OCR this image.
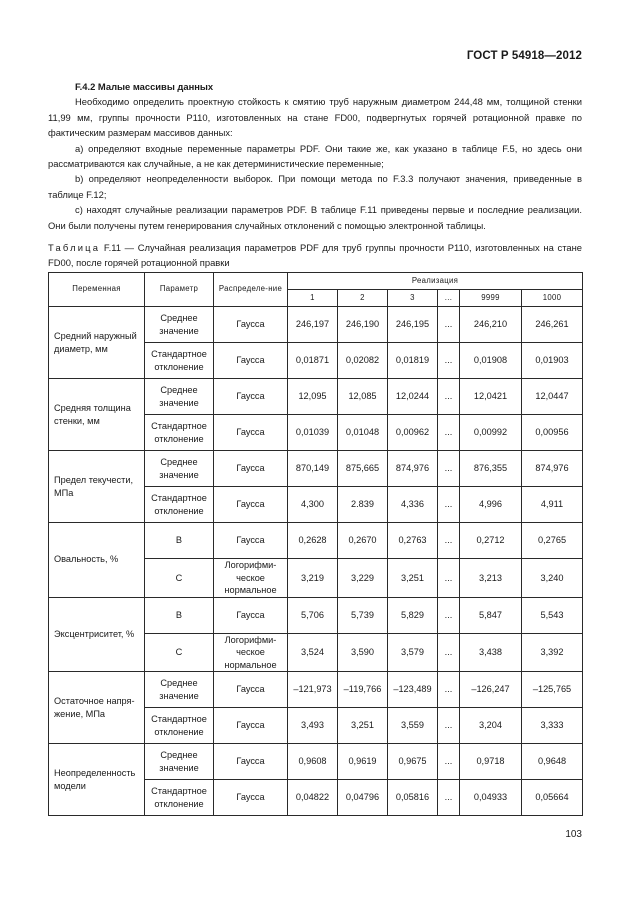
ГОСТ Р 54918—2012

F.4.2 Малые массивы данных

Необходимо определить проектную стойкость к смятию труб наружным диаметром 244,48 мм, толщиной стенки 11,99 мм, группы прочности P110, изготовленных на стане FD00, подвергнутых горячей ротационной правке по фактическим размерам массивов данных:

a) определяют входные переменные параметры PDF. Они такие же, как указано в таблице F.5, но здесь они рассматриваются как случайные, а не как детерминистические переменные;

b) определяют неопределенности выборок. При помощи метода по F.3.3 получают значения, приведенные в таблице F.12;

c) находят случайные реализации параметров PDF. В таблице F.11 приведены первые и последние реализации. Они были получены путем генерирования случайных отклонений с помощью электронной таблицы.

Таблица F.11 — Случайная реализация параметров PDF для труб группы прочности P110, изготовленных на стане FD00, после горячей ротационной правки
Переменная	Параметр	Распределе-ние	Реализация					
			1	2	3	...	9999	1000
Средний наружный диаметр, мм	Среднее значение	Гаусса	246,197	246,190	246,195	...	246,210	246,261
	Стандартное отклонение	Гаусса	0,01871	0,02082	0,01819	...	0,01908	0,01903
Средняя толщина стенки, мм	Среднее значение	Гаусса	12,095	12,085	12,0244	...	12,0421	12,0447
	Стандартное отклонение	Гаусса	0,01039	0,01048	0,00962	...	0,00992	0,00956
Предел текучести, МПа	Среднее значение	Гаусса	870,149	875,665	874,976	...	876,355	874,976
	Стандартное отклонение	Гаусса	4,300	2.839	4,336	...	4,996	4,911
Овальность, %	B	Гаусса	0,2628	0,2670	0,2763	...	0,2712	0,2765
	C	Логорифми-ческое нормальное	3,219	3,229	3,251	...	3,213	3,240
Эксцентриситет, %	B	Гаусса	5,706	5,739	5,829	...	5,847	5,543
	C	Логорифми-ческое нормальное	3,524	3,590	3,579	...	3,438	3,392
Остаточное напря-жение, МПа	Среднее значение	Гаусса	–121,973	–119,766	–123,489	...	–126,247	–125,765
	Стандартное отклонение	Гаусса	3,493	3,251	3,559	...	3,204	3,333
Неопределенность модели	Среднее значение	Гаусса	0,9608	0,9619	0,9675	...	0,9718	0,9648
	Стандартное отклонение	Гаусса	0,04822	0,04796	0,05816	...	0,04933	0,05664
103
